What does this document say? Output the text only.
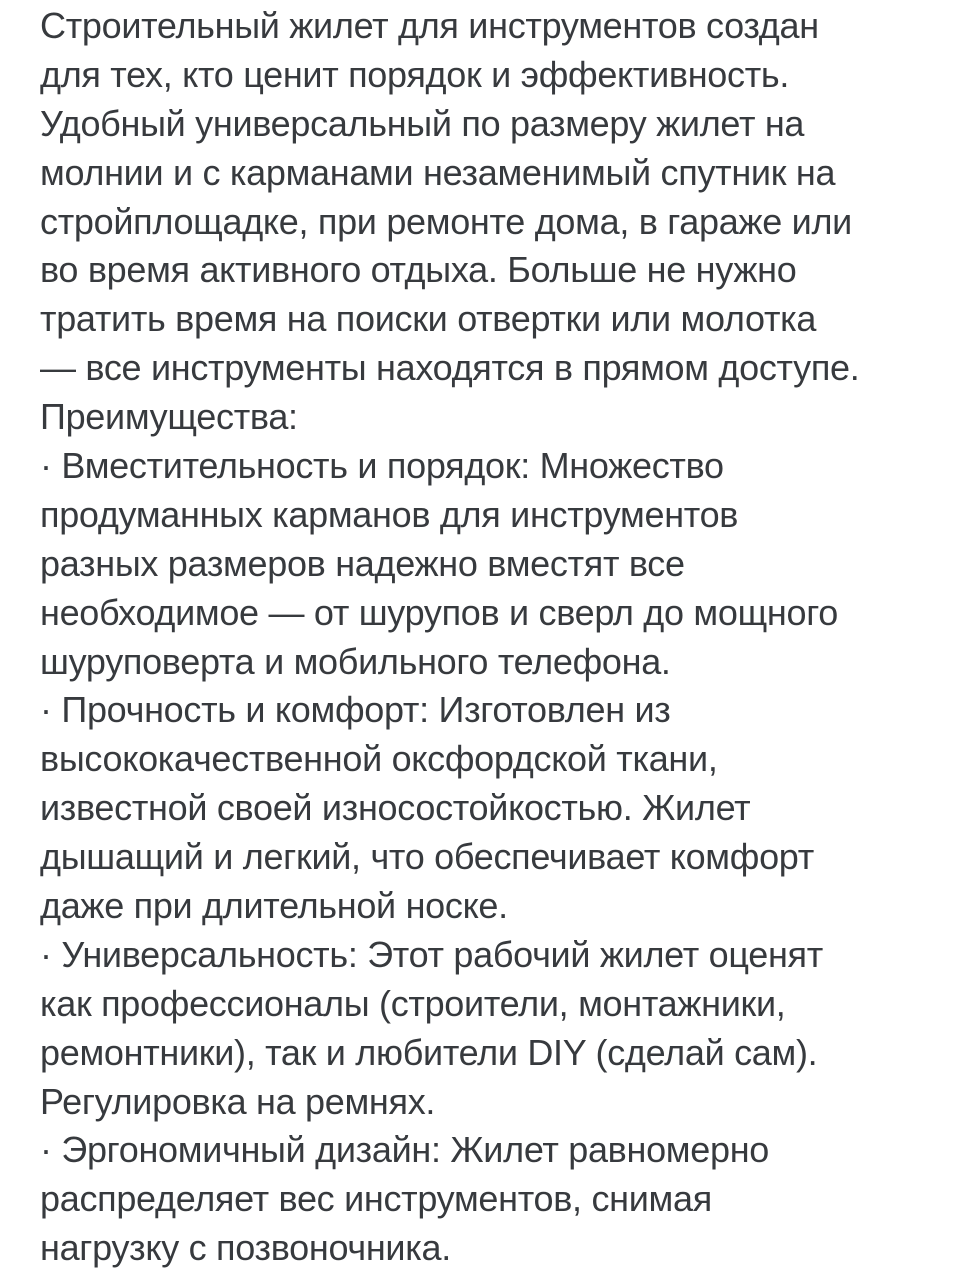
Строительный жилет для инструментов создан
для тех, кто ценит порядок и эффективность.
Удобный универсальный по размеру жилет на
молнии и с карманами незаменимый спутник на
стройплощадке, при ремонте дома, в гараже или
во время активного отдыха. Больше не нужно
тратить время на поиски отвертки или молотка
— все инструменты находятся в прямом доступе.
Преимущества:
· Вместительность и порядок: Множество
продуманных карманов для инструментов
разных размеров надежно вместят все
необходимое — от шурупов и сверл до мощного
шуруповерта и мобильного телефона.
· Прочность и комфорт: Изготовлен из
высококачественной оксфордской ткани,
известной своей износостойкостью. Жилет
дышащий и легкий, что обеспечивает комфорт
даже при длительной носке.
· Универсальность: Этот рабочий жилет оценят
как профессионалы (строители, монтажники,
ремонтники), так и любители DIY (сделай сам).
Регулировка на ремнях.
· Эргономичный дизайн: Жилет равномерно
распределяет вес инструментов, снимая
нагрузку с позвоночника.
